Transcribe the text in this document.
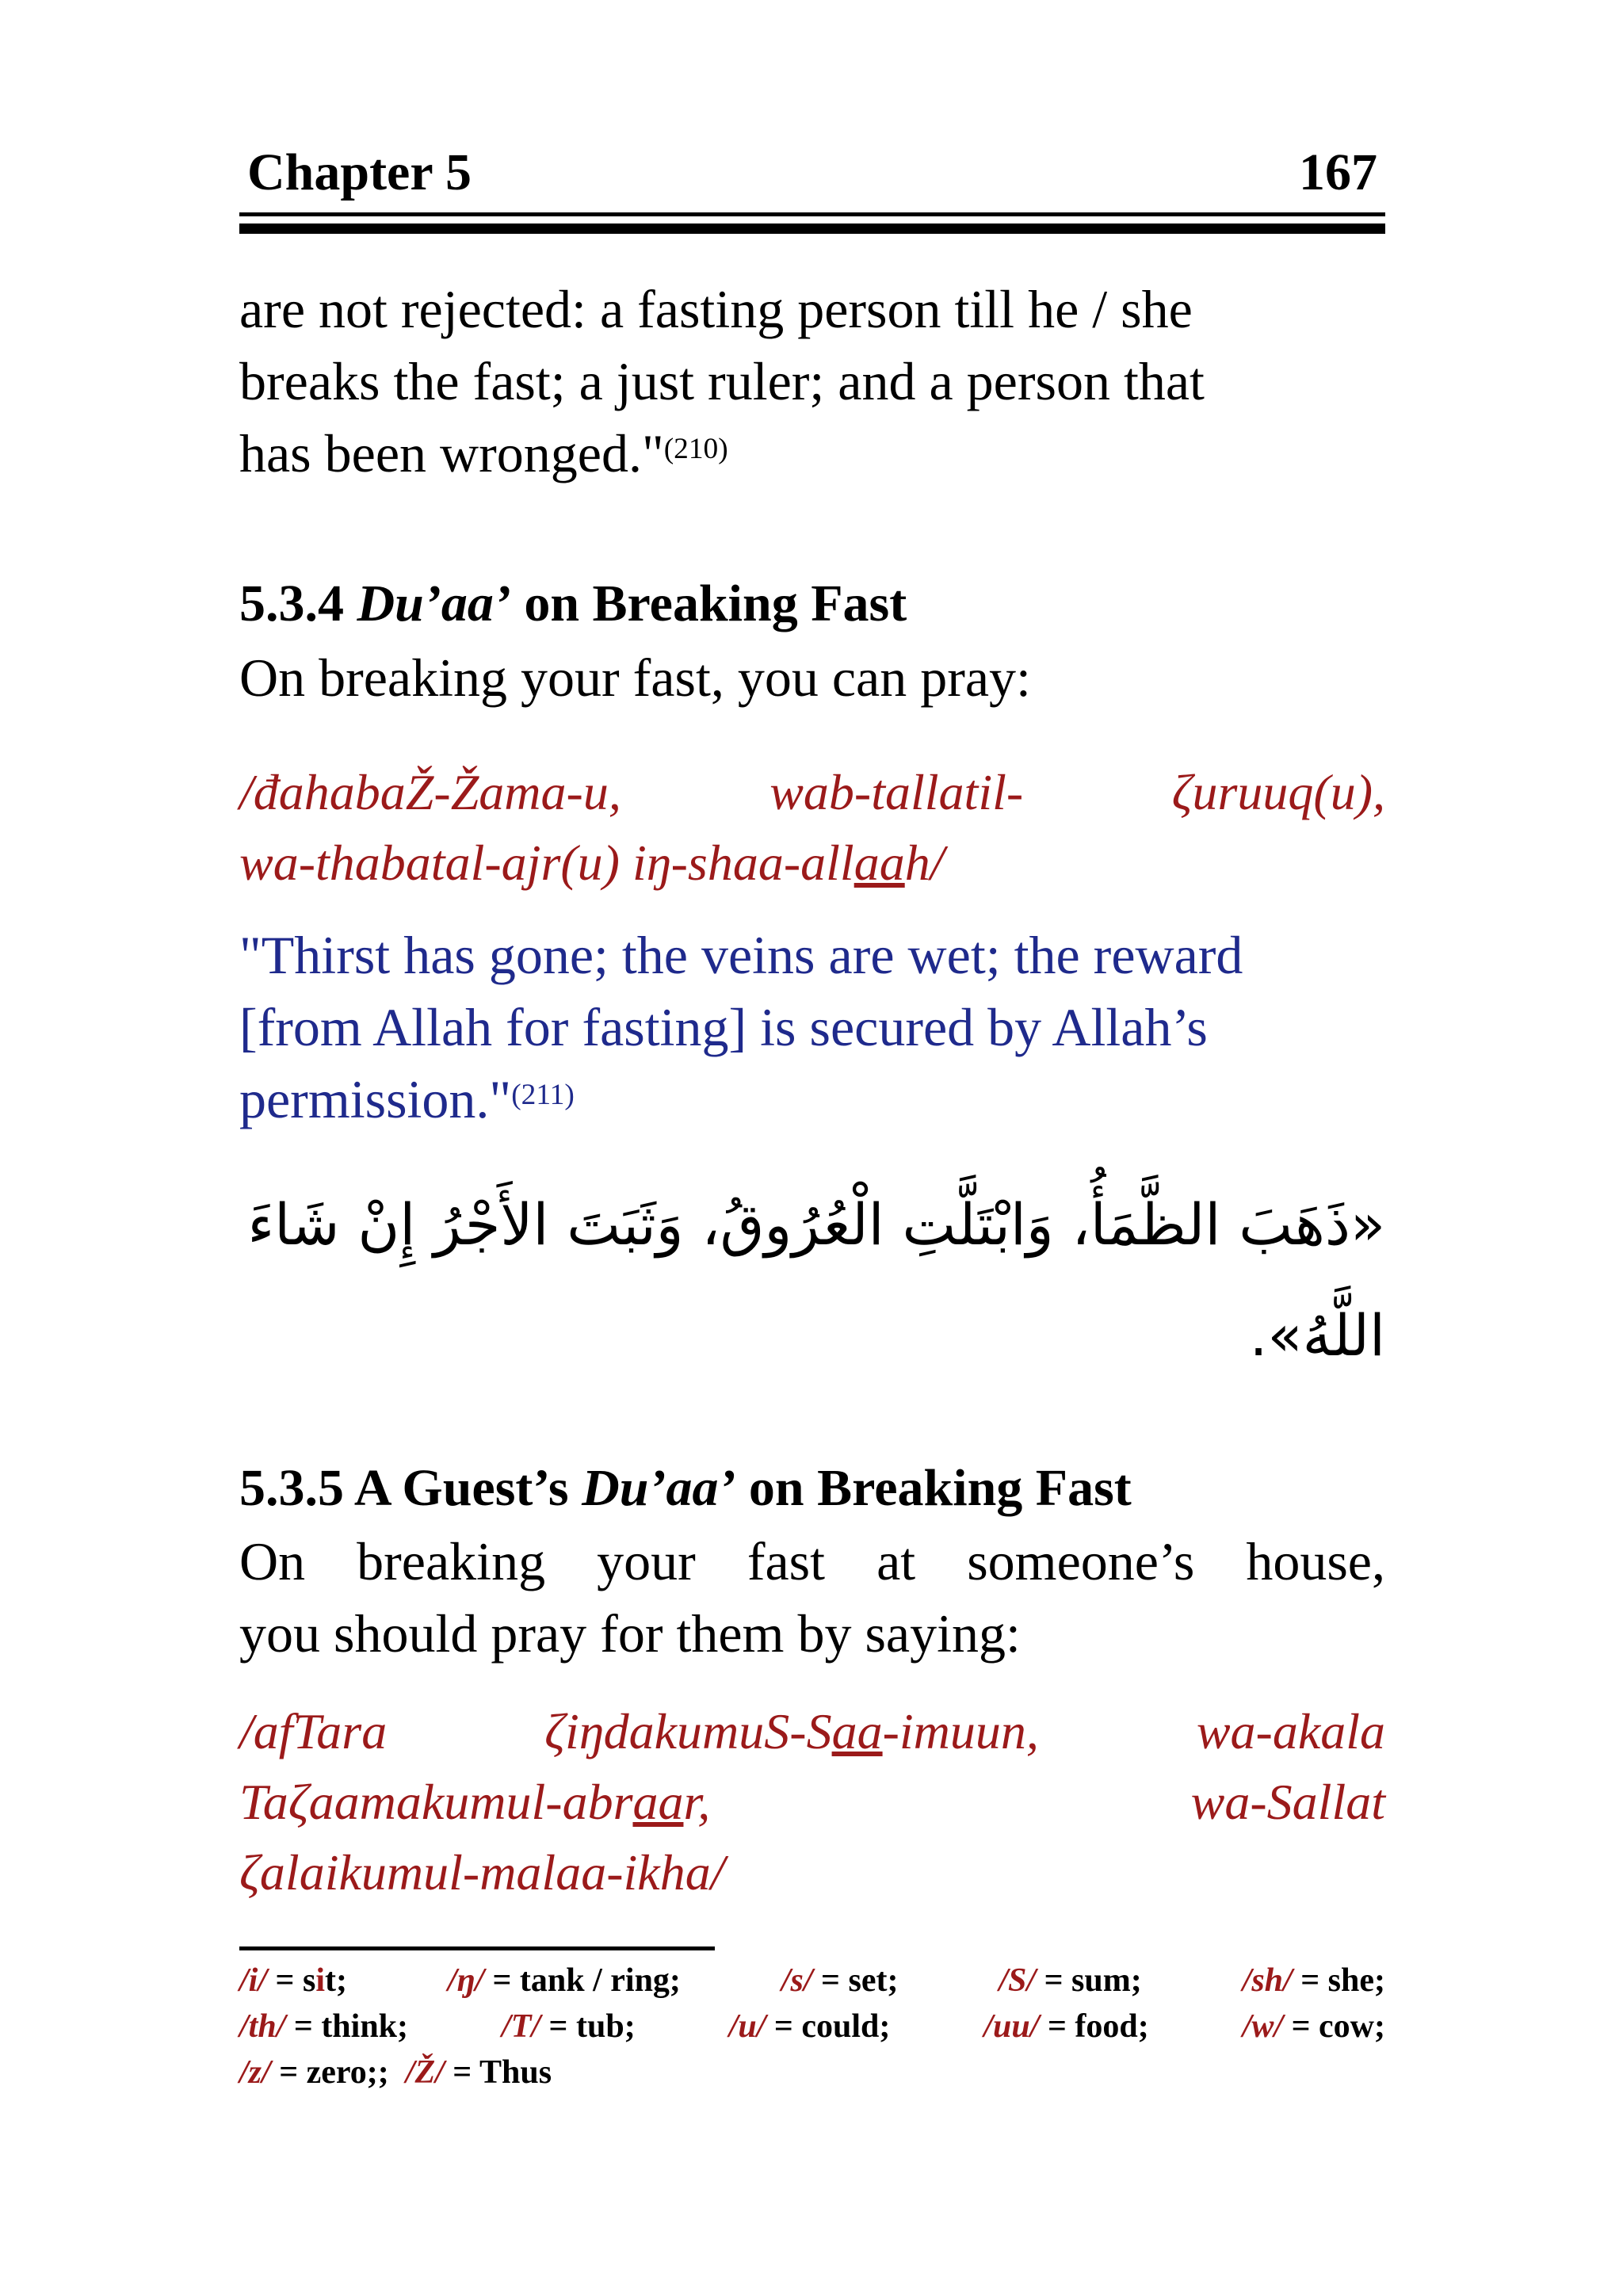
Chapter 5	167
are not rejected: a fasting person till he / she
breaks the fast; a just ruler; and a person that
has been wronged."$^{(210)}$
5.3.4 Du’aa’ on Breaking Fast
On breaking your fast, you can pray:
/đahabaŽ-Žama-u,	wab-tallatil-	ζuruuq(u),
wa-thabatal-ajr(u) iŋ-shaa-allaah/
"Thirst has gone; the veins are wet; the reward
[from Allah for fasting] is secured by Allah’s
permission."$^{(211)}$
«ذَهَبَ الظَّمَأُ، وَابْتَلَّتِ الْعُرُوقُ، وَثَبَتَ الأَجْرُ إِنْ شَاءَ
اللَّهُ».
5.3.5 A Guest’s Du’aa’ on Breaking Fast
On breaking your fast at someone’s house,
you should pray for them by saying:
/afTara	ζiŋdakumuS-Saa-imuun,	wa-akala
Taζaamakumul-abraar,	wa-Sallat
ζalaikumul-malaa-ikha/
/i/ = sit;	/ŋ/ = tank / ring;	/s/ = set;	/S/ = sum;	/sh/ = she;
/th/ = think;	/T/ = tub;	/u/ = could;	/uu/ = food;	/w/ = cow;
/z/ = zero;;  /Ž/ = Thus
